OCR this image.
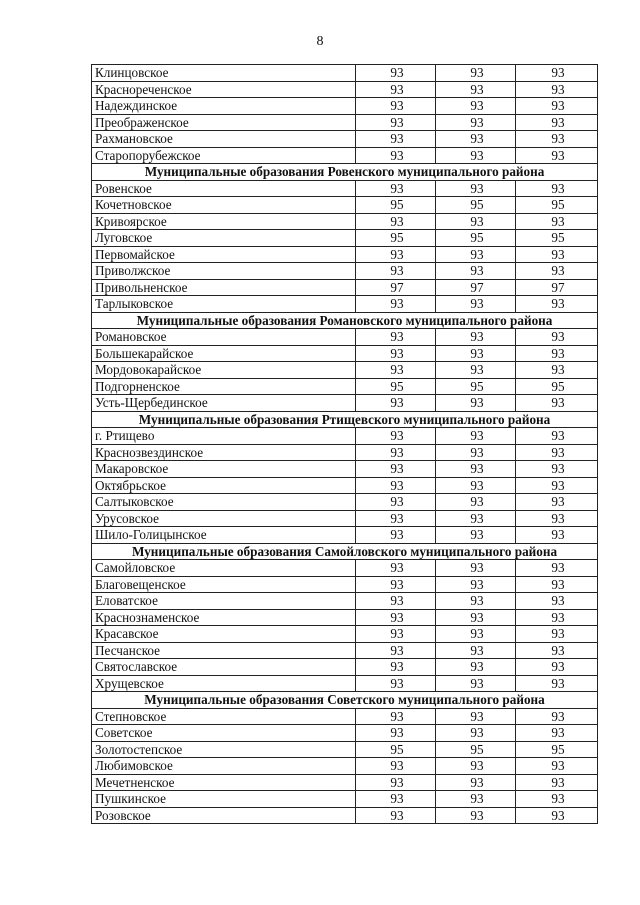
8
Клинцовское	93	93	93
Краснореченское	93	93	93
Надеждинское	93	93	93
Преображенское	93	93	93
Рахмановское	93	93	93
Старопорубежское	93	93	93
Муниципальные образования Ровенского муниципального района			
Ровенское	93	93	93
Кочетновское	95	95	95
Кривоярское	93	93	93
Луговское	95	95	95
Первомайское	93	93	93
Приволжское	93	93	93
Привольненское	97	97	97
Тарлыковское	93	93	93
Муниципальные образования Романовского муниципального района			
Романовское	93	93	93
Большекарайское	93	93	93
Мордовокарайское	93	93	93
Подгорненское	95	95	95
Усть-Щербединское	93	93	93
Муниципальные образования Ртищевского муниципального района			
г. Ртищево	93	93	93
Краснозвездинское	93	93	93
Макаровское	93	93	93
Октябрьское	93	93	93
Салтыковское	93	93	93
Урусовское	93	93	93
Шило-Голицынское	93	93	93
Муниципальные образования Самойловского муниципального района			
Самойловское	93	93	93
Благовещенское	93	93	93
Еловатское	93	93	93
Краснознаменское	93	93	93
Красавское	93	93	93
Песчанское	93	93	93
Святославское	93	93	93
Хрущевское	93	93	93
Муниципальные образования Советского муниципального района			
Степновское	93	93	93
Советское	93	93	93
Золотостепское	95	95	95
Любимовское	93	93	93
Мечетненское	93	93	93
Пушкинское	93	93	93
Розовское	93	93	93
